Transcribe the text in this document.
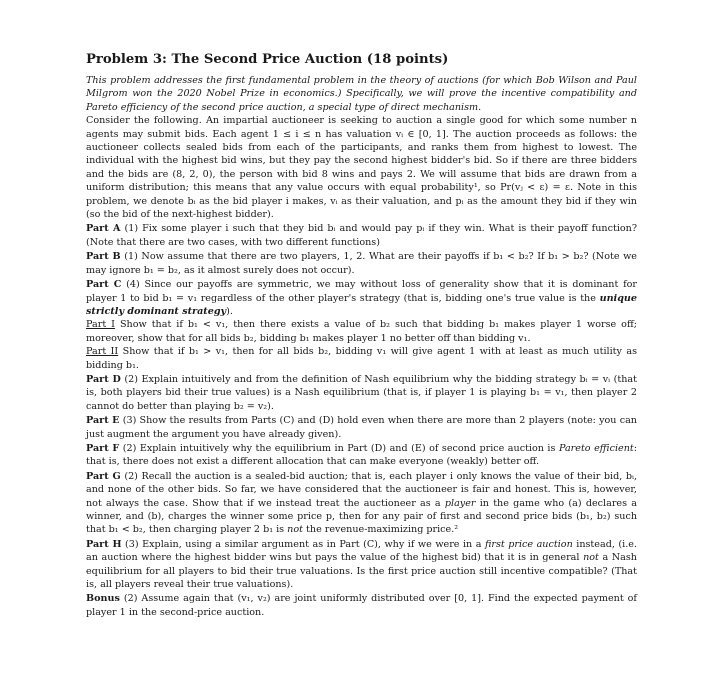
Problem 3: The Second Price Auction (18 points)

This problem addresses the first fundamental problem in the theory of auctions (for which Bob Wilson and Paul Milgrom won the 2020 Nobel Prize in economics.) Specifically, we will prove the incentive compatibility and Pareto efficiency of the second price auction, a special type of direct mechanism.

Consider the following. An impartial auctioneer is seeking to auction a single good for which some number n agents may submit bids. Each agent 1 ≤ i ≤ n has valuation vᵢ ∈ [0, 1]. The auction proceeds as follows: the auctioneer collects sealed bids from each of the participants, and ranks them from highest to lowest. The individual with the highest bid wins, but they pay the second highest bidder's bid. So if there are three bidders and the bids are (8, 2, 0), the person with bid 8 wins and pays 2. We will assume that bids are drawn from a uniform distribution; this means that any value occurs with equal probability¹, so Pr(vⱼ < ε) = ε. Note in this problem, we denote bᵢ as the bid player i makes, vᵢ as their valuation, and pᵢ as the amount they bid if they win (so the bid of the next-highest bidder).

Part A (1) Fix some player i such that they bid bᵢ and would pay pᵢ if they win. What is their payoff function? (Note that there are two cases, with two different functions)

Part B (1) Now assume that there are two players, 1, 2. What are their payoffs if b₁ < b₂? If b₁ > b₂? (Note we may ignore b₁ = b₂, as it almost surely does not occur).

Part C (4) Since our payoffs are symmetric, we may without loss of generality show that it is dominant for player 1 to bid b₁ = v₁ regardless of the other player's strategy (that is, bidding one's true value is the unique strictly dominant strategy).

Part I Show that if b₁ < v₁, then there exists a value of b₂ such that bidding b₁ makes player 1 worse off; moreover, show that for all bids b₂, bidding b₁ makes player 1 no better off than bidding v₁.

Part II Show that if b₁ > v₁, then for all bids b₂, bidding v₁ will give agent 1 with at least as much utility as bidding b₁.

Part D (2) Explain intuitively and from the definition of Nash equilibrium why the bidding strategy bᵢ = vᵢ (that is, both players bid their true values) is a Nash equilibrium (that is, if player 1 is playing b₁ = v₁, then player 2 cannot do better than playing b₂ = v₂).

Part E (3) Show the results from Parts (C) and (D) hold even when there are more than 2 players (note: you can just augment the argument you have already given).

Part F (2) Explain intuitively why the equilibrium in Part (D) and (E) of second price auction is Pareto efficient: that is, there does not exist a different allocation that can make everyone (weakly) better off.

Part G (2) Recall the auction is a sealed-bid auction; that is, each player i only knows the value of their bid, bᵢ, and none of the other bids. So far, we have considered that the auctioneer is fair and honest. This is, however, not always the case. Show that if we instead treat the auctioneer as a player in the game who (a) declares a winner, and (b), charges the winner some price p, then for any pair of first and second price bids (b₁, b₂) such that b₁ < b₂, then charging player 2 b₁ is not the revenue-maximizing price.²

Part H (3) Explain, using a similar argument as in Part (C), why if we were in a first price auction instead, (i.e. an auction where the highest bidder wins but pays the value of the highest bid) that it is in general not a Nash equilibrium for all players to bid their true valuations. Is the first price auction still incentive compatible? (That is, all players reveal their true valuations).

Bonus (2) Assume again that (v₁, v₂) are joint uniformly distributed over [0, 1]. Find the expected payment of player 1 in the second-price auction.
